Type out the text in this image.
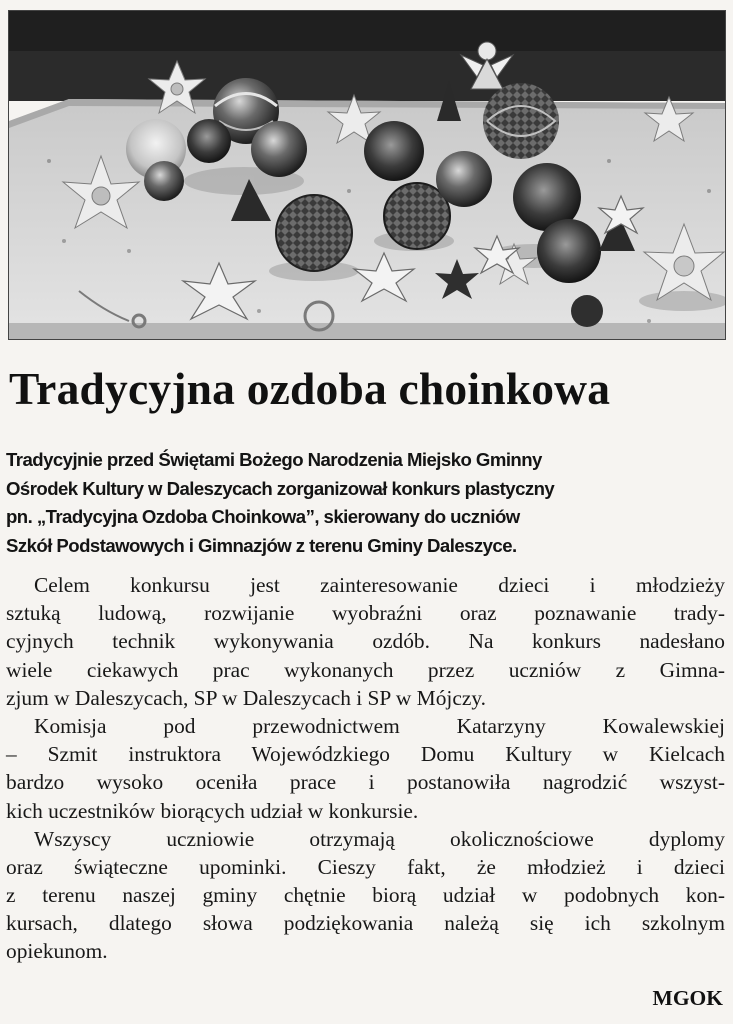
Tradycyjna ozdoba choinkowa
Tradycyjnie przed Świętami Bożego Narodzenia Miejsko Gminny
Ośrodek Kultury w Daleszycach zorganizował konkurs plastyczny
pn. „Tradycyjna Ozdoba Choinkowa”, skierowany do uczniów
Szkół Podstawowych i Gimnazjów z terenu Gminy Daleszyce.
Celem konkursu jest zainteresowanie dzieci i młodzieży
sztuką ludową, rozwijanie wyobraźni oraz poznawanie trady-
cyjnych technik wykonywania ozdób. Na konkurs nadesłano
wiele ciekawych prac wykonanych przez uczniów z Gimna-
zjum w Daleszycach, SP w Daleszycach i SP w Mójczy.
Komisja pod przewodnictwem Katarzyny Kowalewskiej
– Szmit instruktora Wojewódzkiego Domu Kultury w Kielcach
bardzo wysoko oceniła prace i postanowiła nagrodzić wszyst-
kich uczestników biorących udział w konkursie.
Wszyscy uczniowie otrzymają okolicznościowe dyplomy
oraz świąteczne upominki. Cieszy fakt, że młodzież i dzieci
z terenu naszej gminy chętnie biorą udział w podobnych kon-
kursach, dlatego słowa podziękowania należą się ich szkolnym
opiekunom.
MGOK
